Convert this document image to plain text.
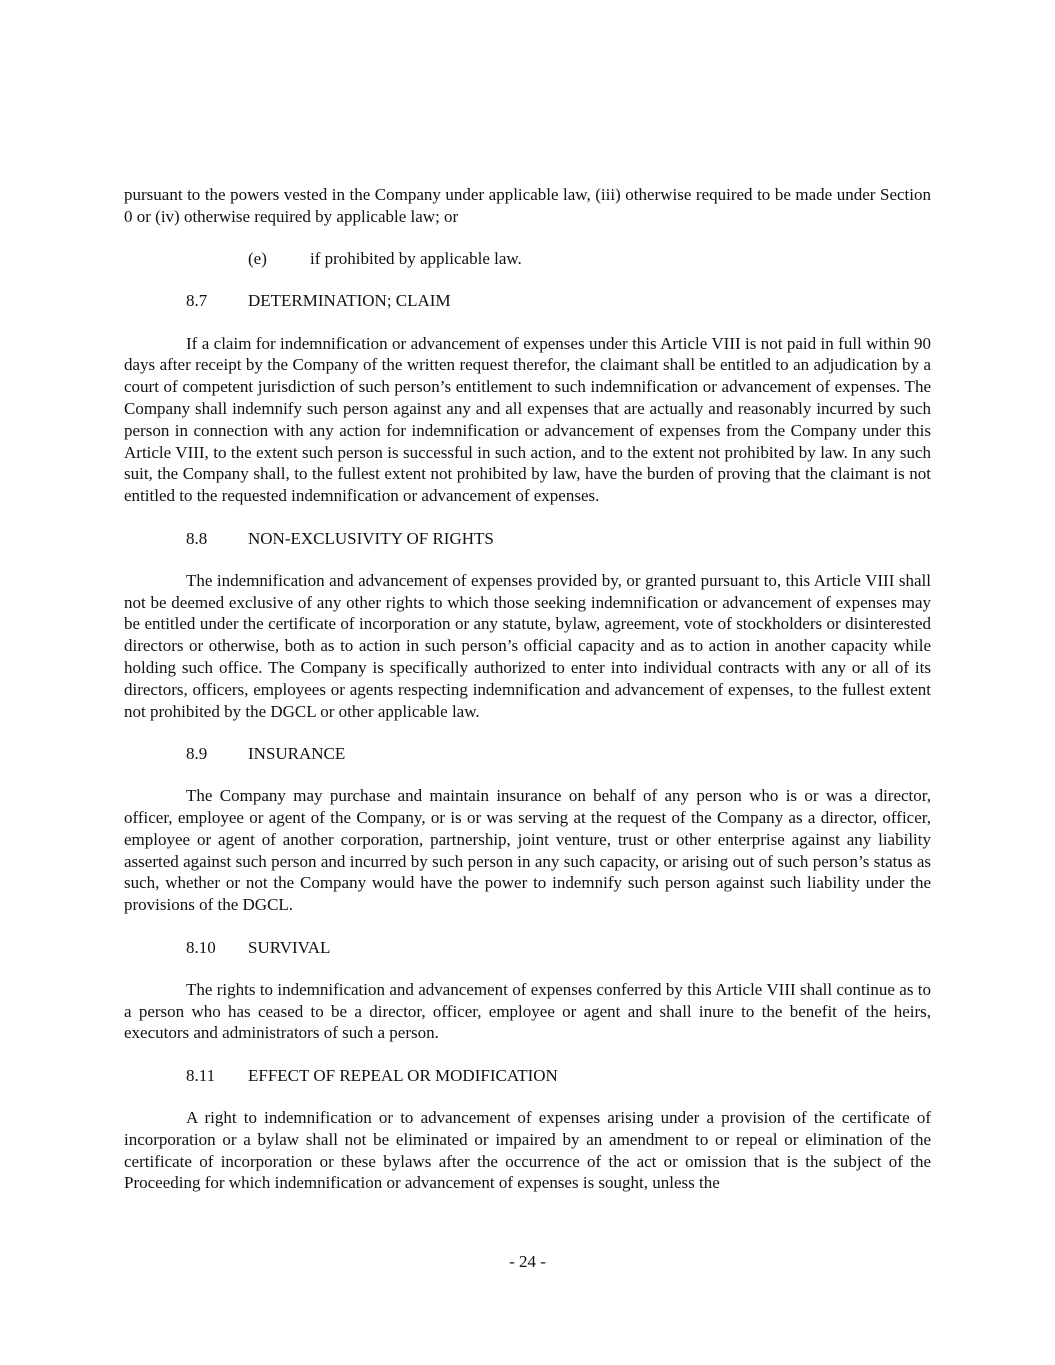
pursuant to the powers vested in the Company under applicable law, (iii) otherwise required to be made under Section 0 or (iv) otherwise required by applicable law; or

(e)	if prohibited by applicable law.
8.7	DETERMINATION; CLAIM

If a claim for indemnification or advancement of expenses under this Article VIII is not paid in full within 90 days after receipt by the Company of the written request therefor, the claimant shall be entitled to an adjudication by a court of competent jurisdiction of such person’s entitlement to such indemnification or advancement of expenses. The Company shall indemnify such person against any and all expenses that are actually and reasonably incurred by such person in connection with any action for indemnification or advancement of expenses from the Company under this Article VIII, to the extent such person is successful in such action, and to the extent not prohibited by law. In any such suit, the Company shall, to the fullest extent not prohibited by law, have the burden of proving that the claimant is not entitled to the requested indemnification or advancement of expenses.

8.8	NON-EXCLUSIVITY OF RIGHTS

The indemnification and advancement of expenses provided by, or granted pursuant to, this Article VIII shall not be deemed exclusive of any other rights to which those seeking indemnification or advancement of expenses may be entitled under the certificate of incorporation or any statute, bylaw, agreement, vote of stockholders or disinterested directors or otherwise, both as to action in such person’s official capacity and as to action in another capacity while holding such office. The Company is specifically authorized to enter into individual contracts with any or all of its directors, officers, employees or agents respecting indemnification and advancement of expenses, to the fullest extent not prohibited by the DGCL or other applicable law.

8.9	INSURANCE

The Company may purchase and maintain insurance on behalf of any person who is or was a director, officer, employee or agent of the Company, or is or was serving at the request of the Company as a director, officer, employee or agent of another corporation, partnership, joint venture, trust or other enterprise against any liability asserted against such person and incurred by such person in any such capacity, or arising out of such person’s status as such, whether or not the Company would have the power to indemnify such person against such liability under the provisions of the DGCL.

8.10	SURVIVAL

The rights to indemnification and advancement of expenses conferred by this Article VIII shall continue as to a person who has ceased to be a director, officer, employee or agent and shall inure to the benefit of the heirs, executors and administrators of such a person.

8.11	EFFECT OF REPEAL OR MODIFICATION

A right to indemnification or to advancement of expenses arising under a provision of the certificate of incorporation or a bylaw shall not be eliminated or impaired by an amendment to or repeal or elimination of the certificate of incorporation or these bylaws after the occurrence of the act or omission that is the subject of the Proceeding for which indemnification or advancement of expenses is sought, unless the

- 24 -
